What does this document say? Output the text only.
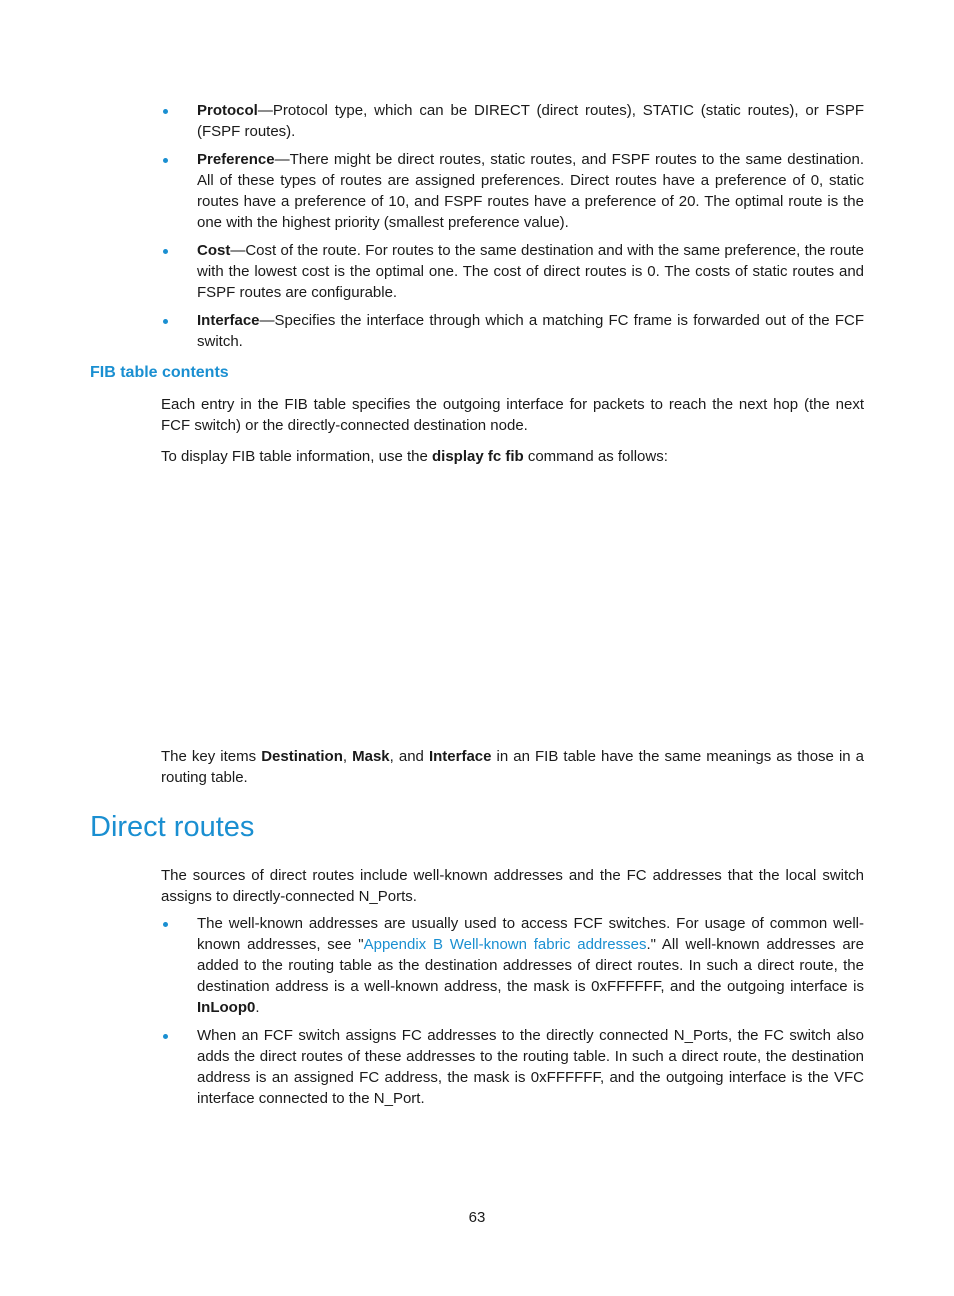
Protocol—Protocol type, which can be DIRECT (direct routes), STATIC (static routes), or FSPF (FSPF routes).
Preference—There might be direct routes, static routes, and FSPF routes to the same destination. All of these types of routes are assigned preferences. Direct routes have a preference of 0, static routes have a preference of 10, and FSPF routes have a preference of 20. The optimal route is the one with the highest priority (smallest preference value).
Cost—Cost of the route. For routes to the same destination and with the same preference, the route with the lowest cost is the optimal one. The cost of direct routes is 0. The costs of static routes and FSPF routes are configurable.
Interface—Specifies the interface through which a matching FC frame is forwarded out of the FCF switch.
FIB table contents
Each entry in the FIB table specifies the outgoing interface for packets to reach the next hop (the next FCF switch) or the directly-connected destination node.
To display FIB table information, use the display fc fib command as follows:
The key items Destination, Mask, and Interface in an FIB table have the same meanings as those in a routing table.
Direct routes
The sources of direct routes include well-known addresses and the FC addresses that the local switch assigns to directly-connected N_Ports.
The well-known addresses are usually used to access FCF switches. For usage of common well-known addresses, see "Appendix B Well-known fabric addresses." All well-known addresses are added to the routing table as the destination addresses of direct routes. In such a direct route, the destination address is a well-known address, the mask is 0xFFFFFF, and the outgoing interface is InLoop0.
When an FCF switch assigns FC addresses to the directly connected N_Ports, the FC switch also adds the direct routes of these addresses to the routing table. In such a direct route, the destination address is an assigned FC address, the mask is 0xFFFFFF, and the outgoing interface is the VFC interface connected to the N_Port.
63
